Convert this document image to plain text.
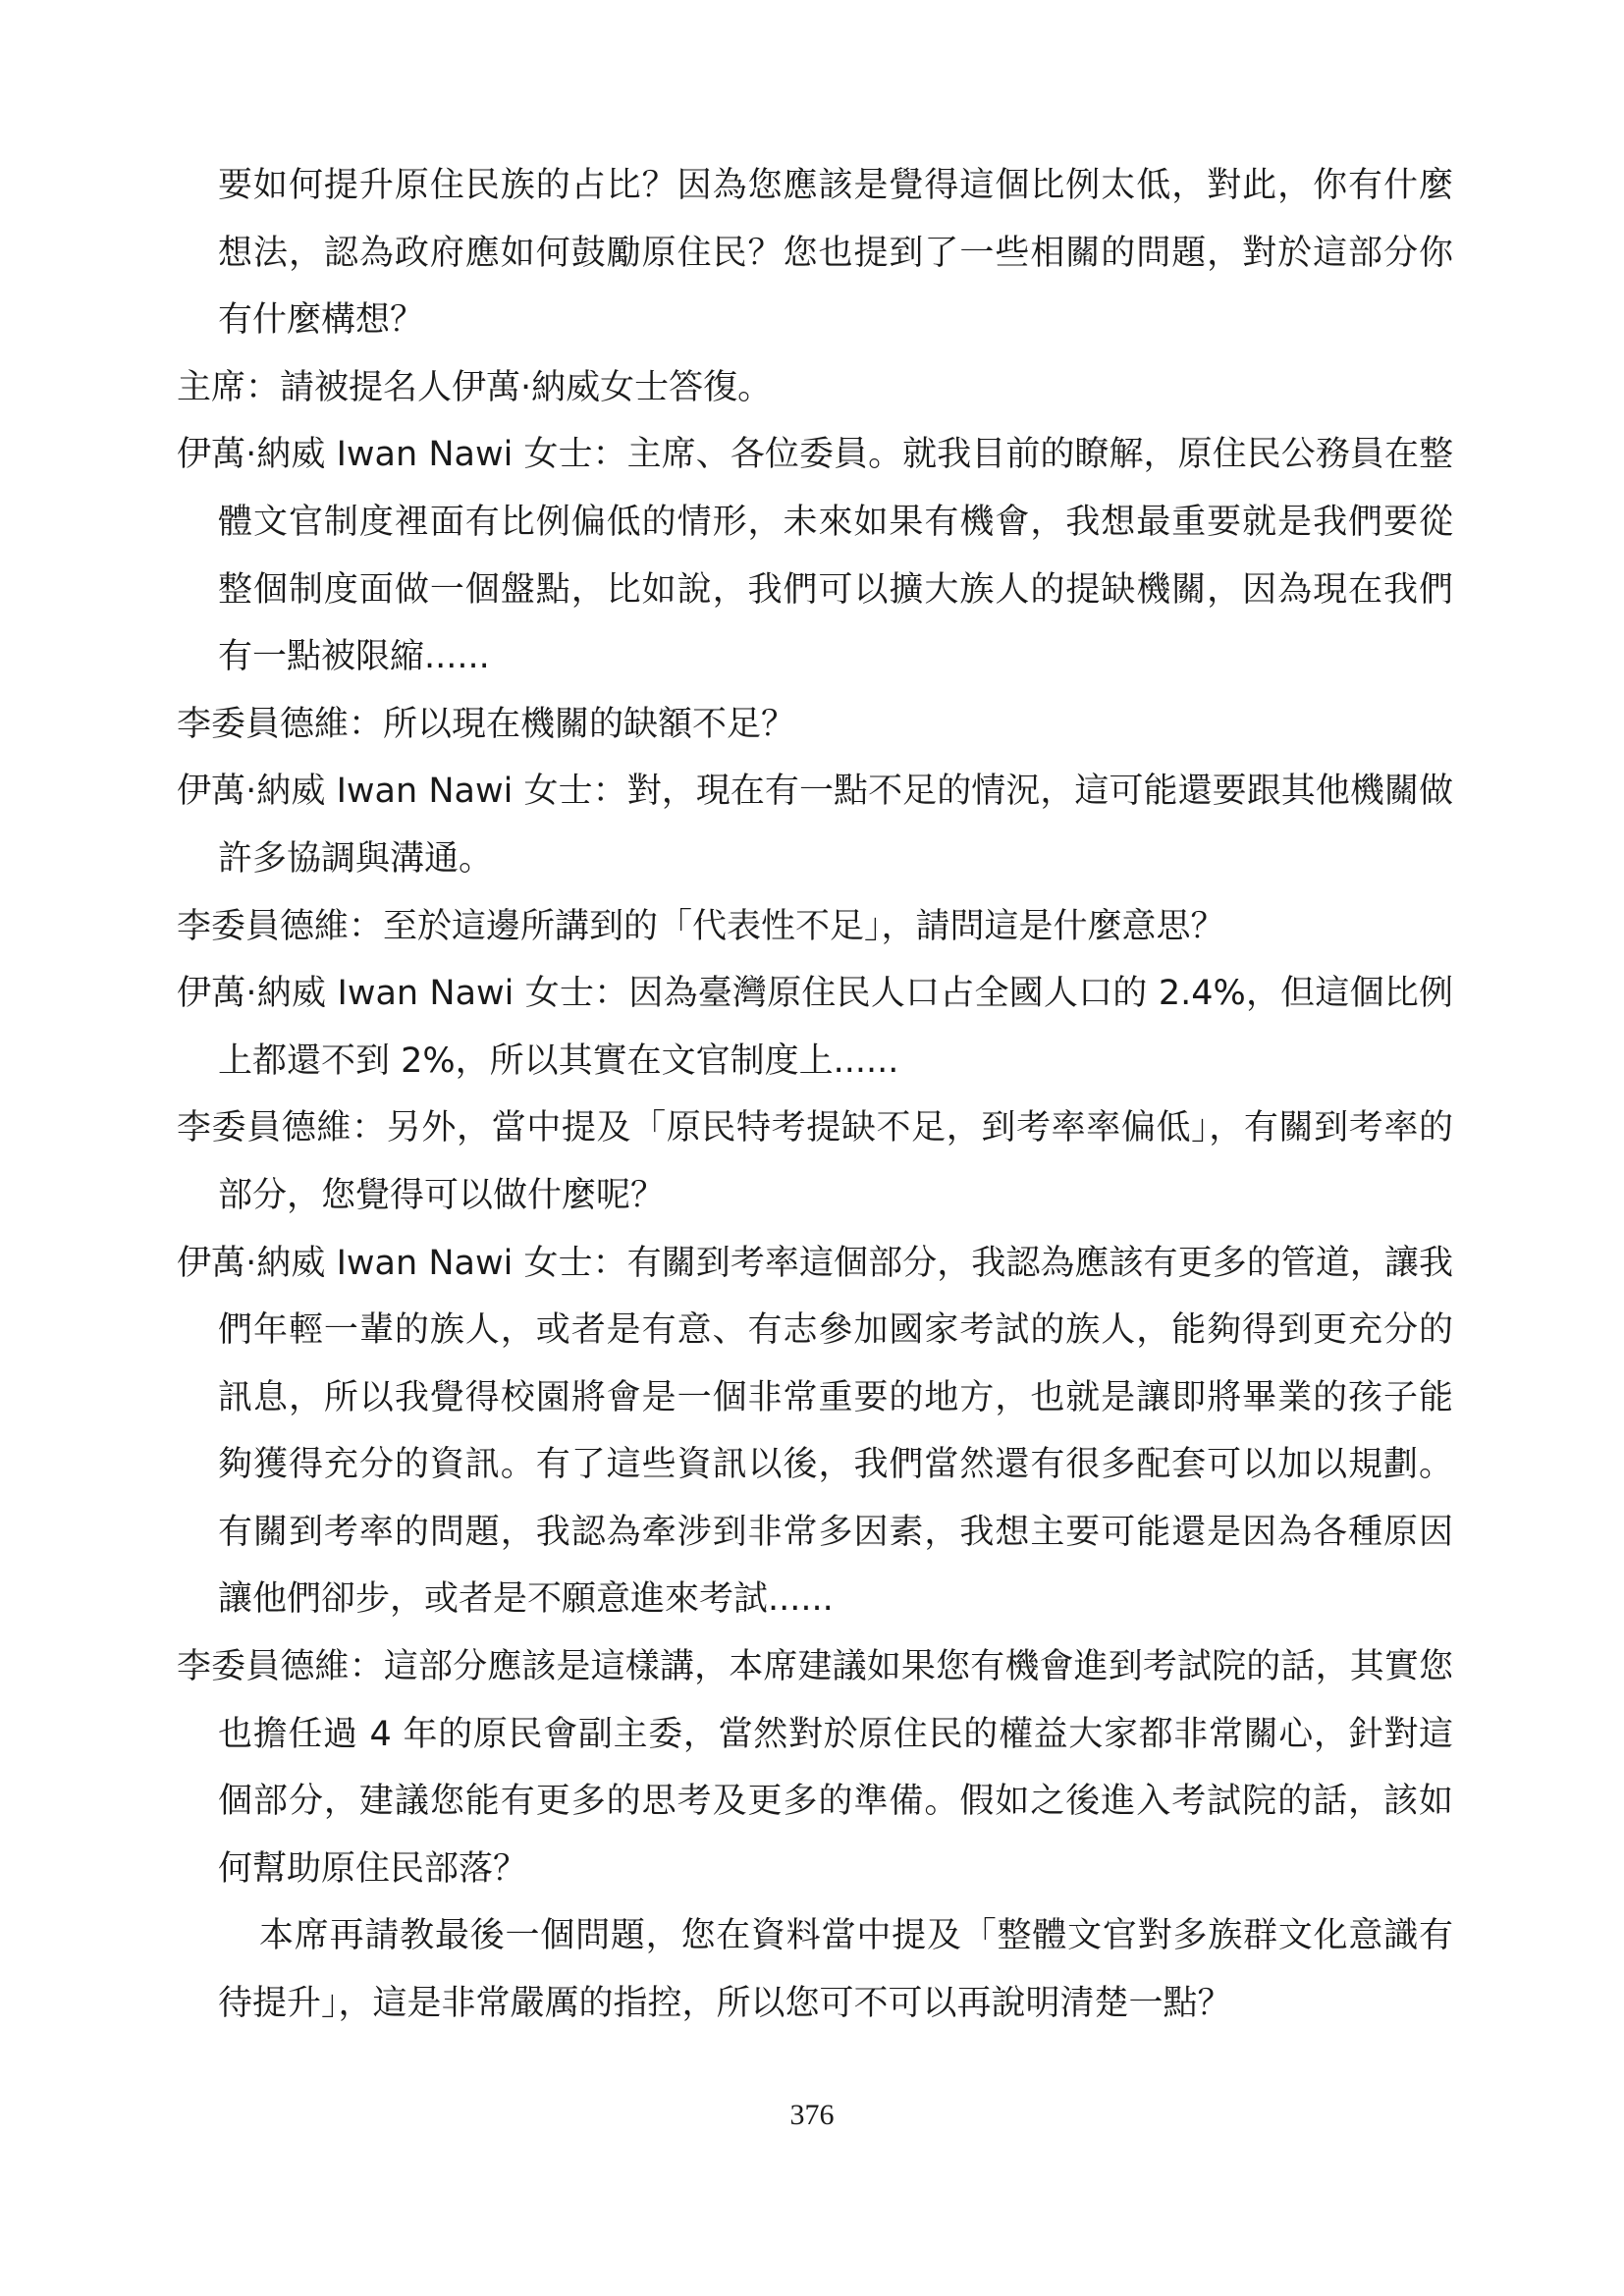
要如何提升原住民族的占比？因為您應該是覺得這個比例太低，對此，你有什麼想法，認為政府應如何鼓勵原住民？您也提到了一些相關的問題，對於這部分你有什麼構想？

主席：請被提名人伊萬·納威女士答復。

伊萬·納威 Iwan Nawi 女士：主席、各位委員。就我目前的瞭解，原住民公務員在整體文官制度裡面有比例偏低的情形，未來如果有機會，我想最重要就是我們要從整個制度面做一個盤點，比如說，我們可以擴大族人的提缺機關，因為現在我們有一點被限縮......

李委員德維：所以現在機關的缺額不足？

伊萬·納威 Iwan Nawi 女士：對，現在有一點不足的情況，這可能還要跟其他機關做許多協調與溝通。

李委員德維：至於這邊所講到的「代表性不足」，請問這是什麼意思？

伊萬·納威 Iwan Nawi 女士：因為臺灣原住民人口占全國人口的 2.4%，但這個比例上都還不到 2%，所以其實在文官制度上......

李委員德維：另外，當中提及「原民特考提缺不足，到考率率偏低」，有關到考率的部分，您覺得可以做什麼呢？

伊萬·納威 Iwan Nawi 女士：有關到考率這個部分，我認為應該有更多的管道，讓我們年輕一輩的族人，或者是有意、有志參加國家考試的族人，能夠得到更充分的訊息，所以我覺得校園將會是一個非常重要的地方，也就是讓即將畢業的孩子能夠獲得充分的資訊。有了這些資訊以後，我們當然還有很多配套可以加以規劃。有關到考率的問題，我認為牽涉到非常多因素，我想主要可能還是因為各種原因讓他們卻步，或者是不願意進來考試......

李委員德維：這部分應該是這樣講，本席建議如果您有機會進到考試院的話，其實您也擔任過 4 年的原民會副主委，當然對於原住民的權益大家都非常關心，針對這個部分，建議您能有更多的思考及更多的準備。假如之後進入考試院的話，該如何幫助原住民部落？

本席再請教最後一個問題，您在資料當中提及「整體文官對多族群文化意識有待提升」，這是非常嚴厲的指控，所以您可不可以再說明清楚一點？

376
